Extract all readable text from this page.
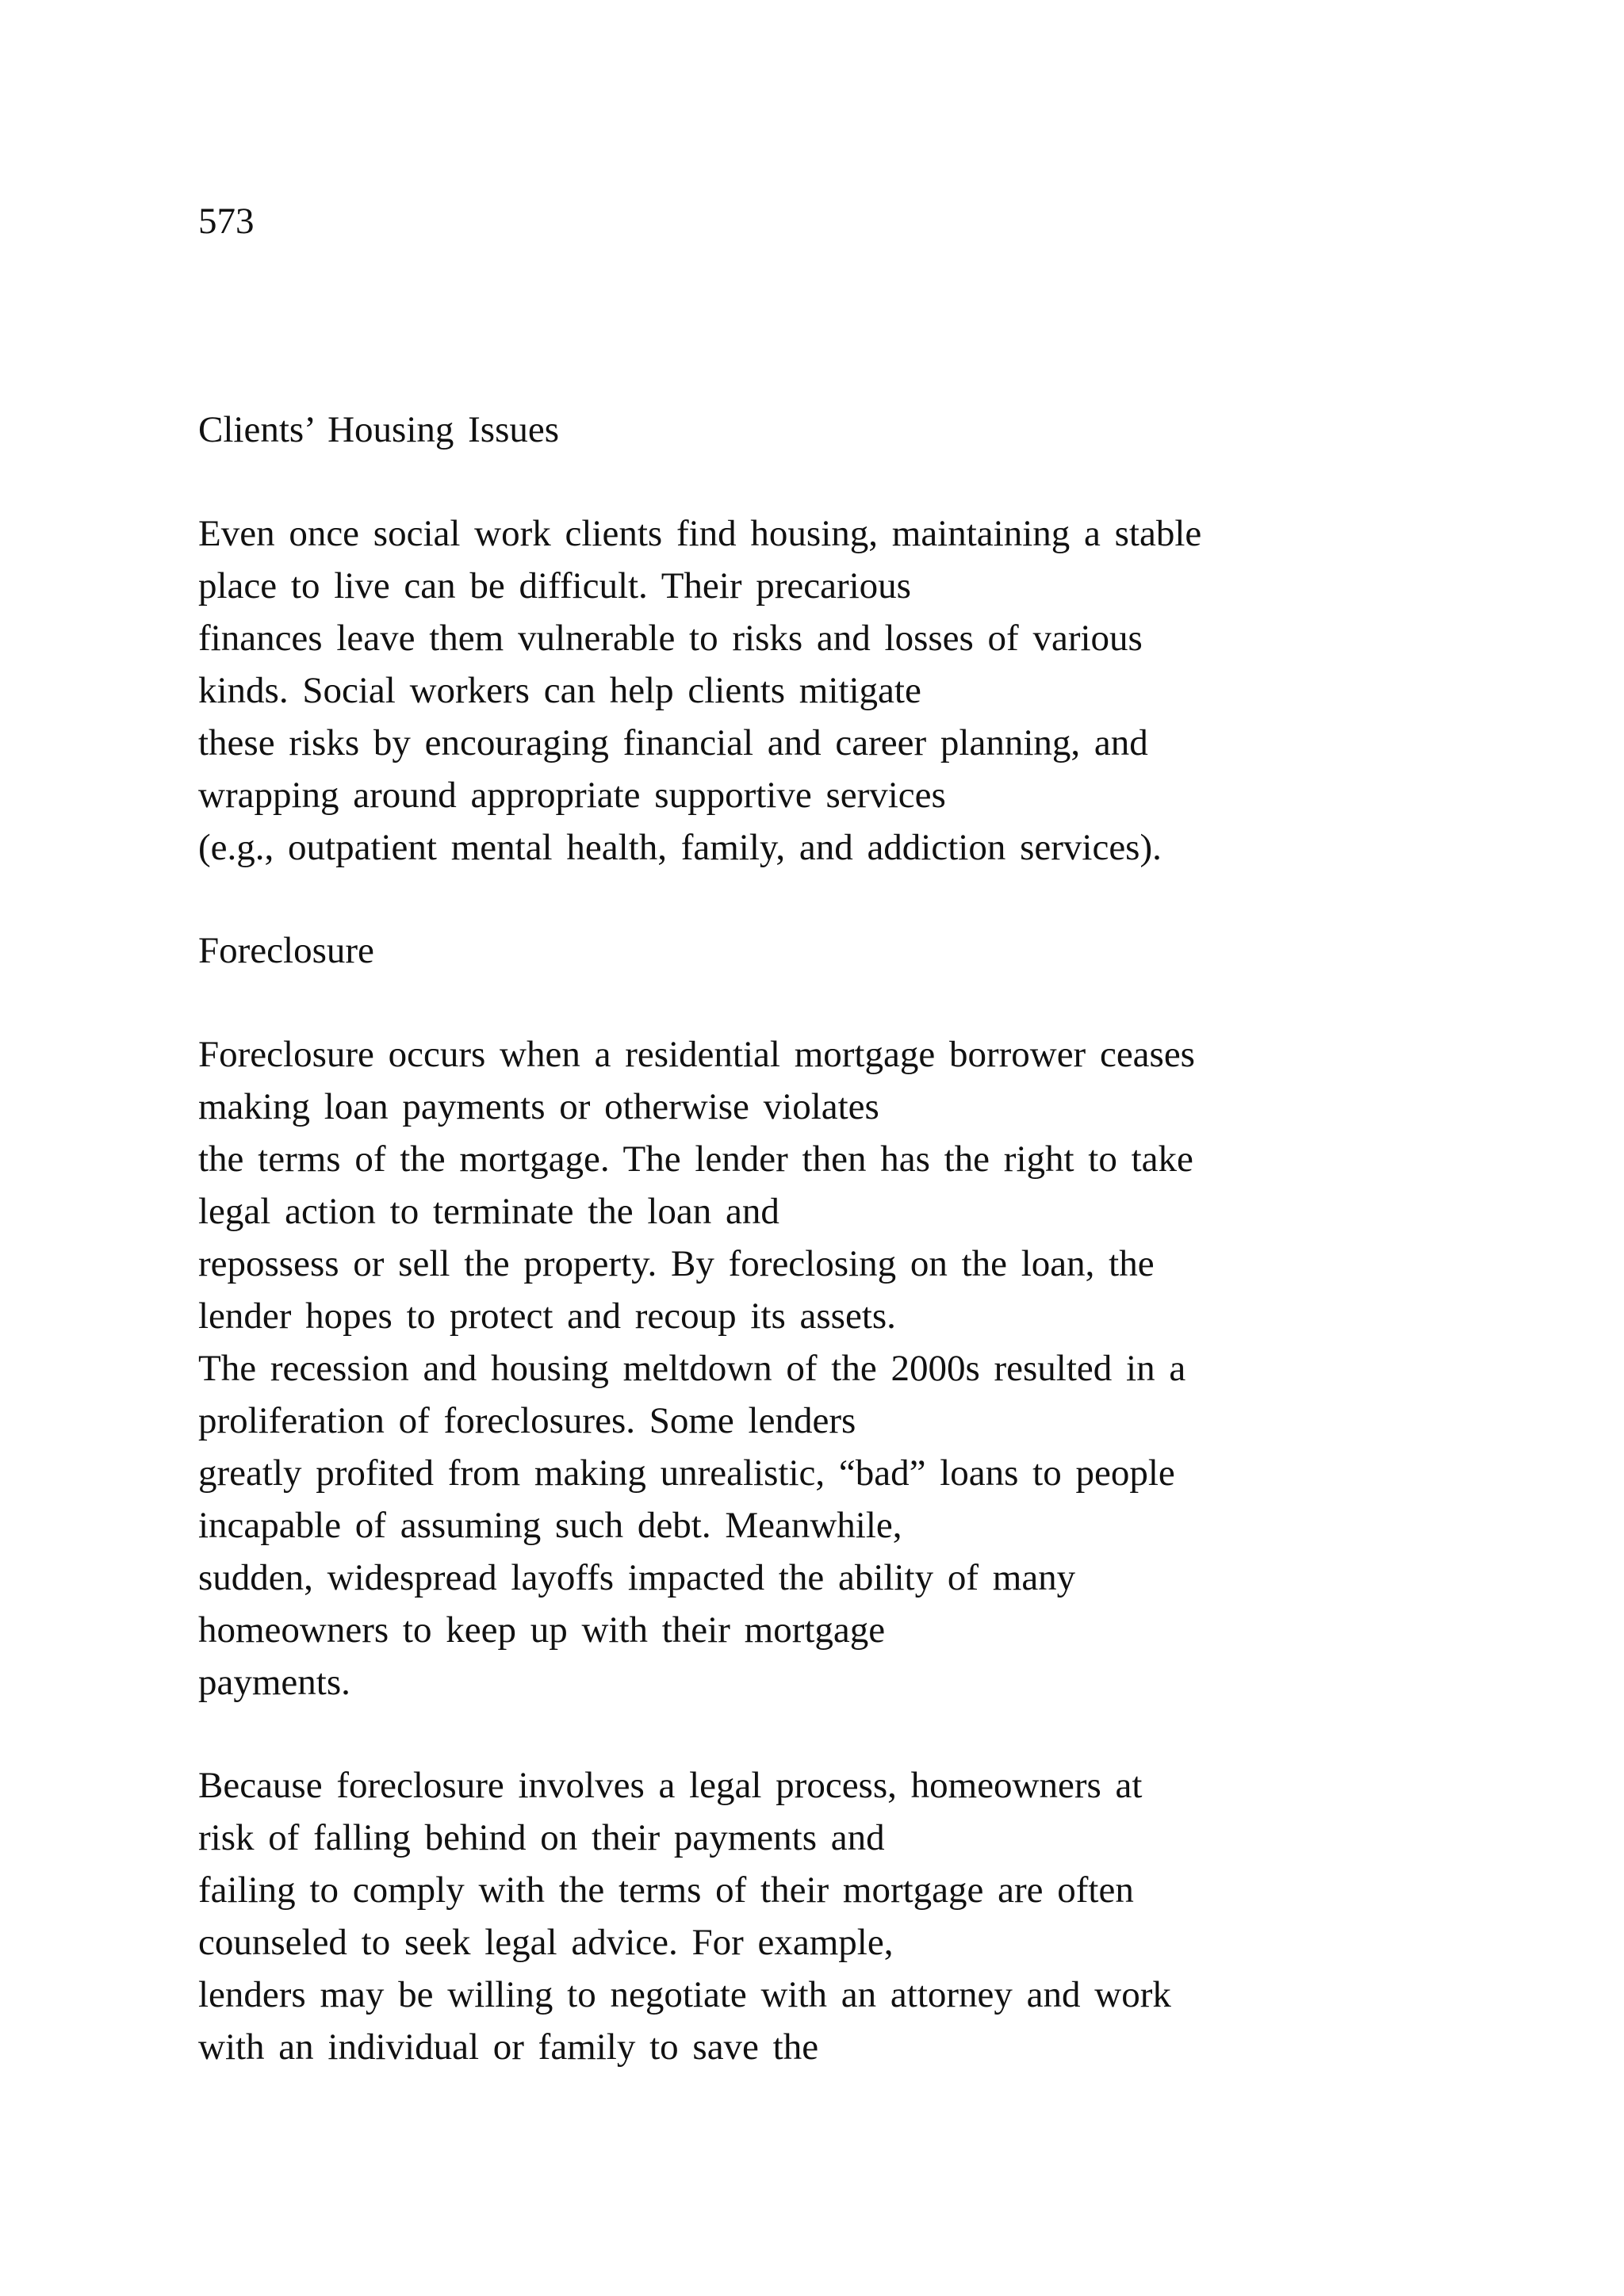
573
Clients’ Housing Issues

Even once social work clients find housing, maintaining a stable
place to live can be difficult. Their precarious
finances leave them vulnerable to risks and losses of various
kinds. Social workers can help clients mitigate
these risks by encouraging financial and career planning, and
wrapping around appropriate supportive services
(e.g., outpatient mental health, family, and addiction services).

Foreclosure

Foreclosure occurs when a residential mortgage borrower ceases
making loan payments or otherwise violates
the terms of the mortgage. The lender then has the right to take
legal action to terminate the loan and
repossess or sell the property. By foreclosing on the loan, the
lender hopes to protect and recoup its assets.
The recession and housing meltdown of the 2000s resulted in a
proliferation of foreclosures. Some lenders
greatly profited from making unrealistic, “bad” loans to people
incapable of assuming such debt. Meanwhile,
sudden, widespread layoffs impacted the ability of many
homeowners to keep up with their mortgage
payments.

Because foreclosure involves a legal process, homeowners at
risk of falling behind on their payments and
failing to comply with the terms of their mortgage are often
counseled to seek legal advice. For example,
lenders may be willing to negotiate with an attorney and work
with an individual or family to save the
